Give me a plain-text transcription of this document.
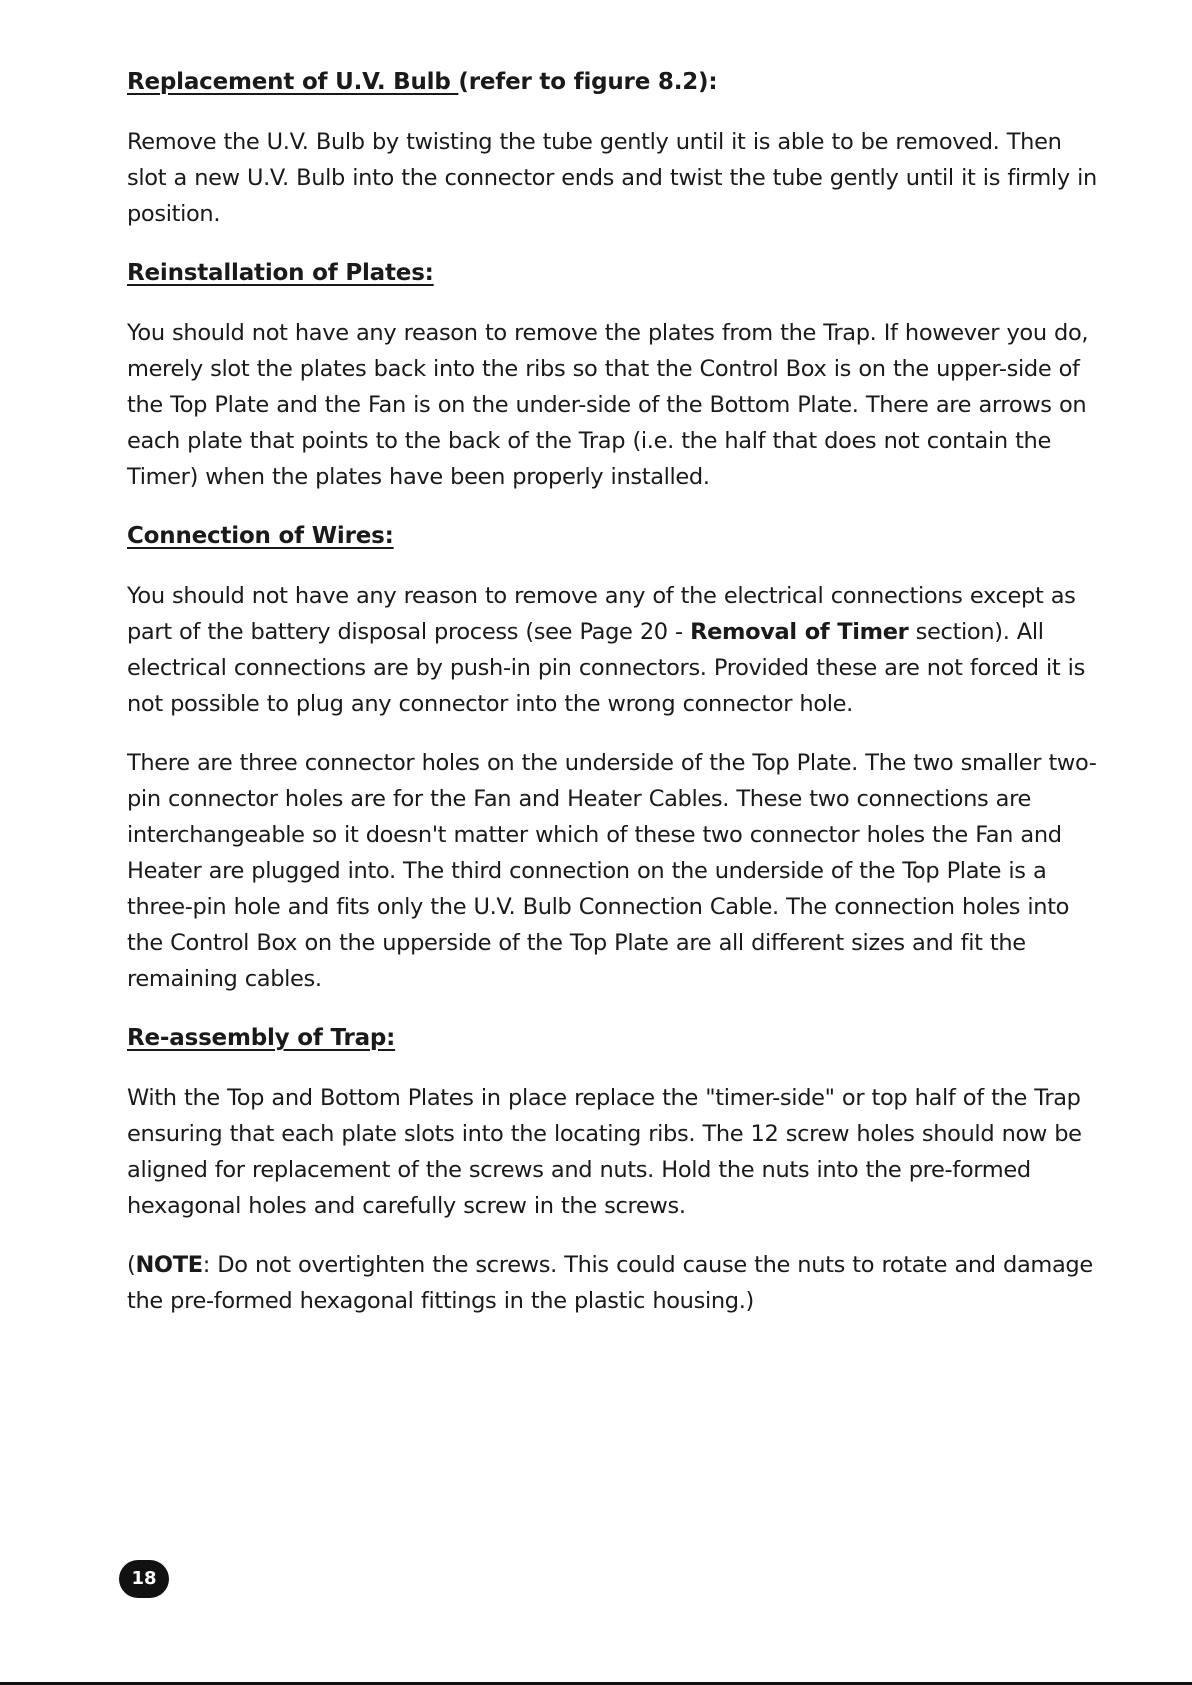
Replacement of U.V. Bulb (refer to figure 8.2):

Remove the U.V. Bulb by twisting the tube gently until it is able to be removed. Then slot a new U.V. Bulb into the connector ends and twist the tube gently until it is firmly in position.

Reinstallation of Plates:

You should not have any reason to remove the plates from the Trap. If however you do, merely slot the plates back into the ribs so that the Control Box is on the upper-side of the Top Plate and the Fan is on the under-side of the Bottom Plate. There are arrows on each plate that points to the back of the Trap (i.e. the half that does not contain the Timer) when the plates have been properly installed.

Connection of Wires:

You should not have any reason to remove any of the electrical connections except as part of the battery disposal process (see Page 20 - Removal of Timer section). All electrical connections are by push-in pin connectors. Provided these are not forced it is not possible to plug any connector into the wrong connector hole.

There are three connector holes on the underside of the Top Plate. The two smaller two-pin connector holes are for the Fan and Heater Cables. These two connections are interchangeable so it doesn't matter which of these two connector holes the Fan and Heater are plugged into. The third connection on the underside of the Top Plate is a three-pin hole and fits only the U.V. Bulb Connection Cable. The connection holes into the Control Box on the upperside of the Top Plate are all different sizes and fit the remaining cables.

Re-assembly of Trap:

With the Top and Bottom Plates in place replace the "timer-side" or top half of the Trap ensuring that each plate slots into the locating ribs. The 12 screw holes should now be aligned for replacement of the screws and nuts. Hold the nuts into the pre-formed hexagonal holes and carefully screw in the screws.

(NOTE: Do not overtighten the screws. This could cause the nuts to rotate and damage the pre-formed hexagonal fittings in the plastic housing.)

18
